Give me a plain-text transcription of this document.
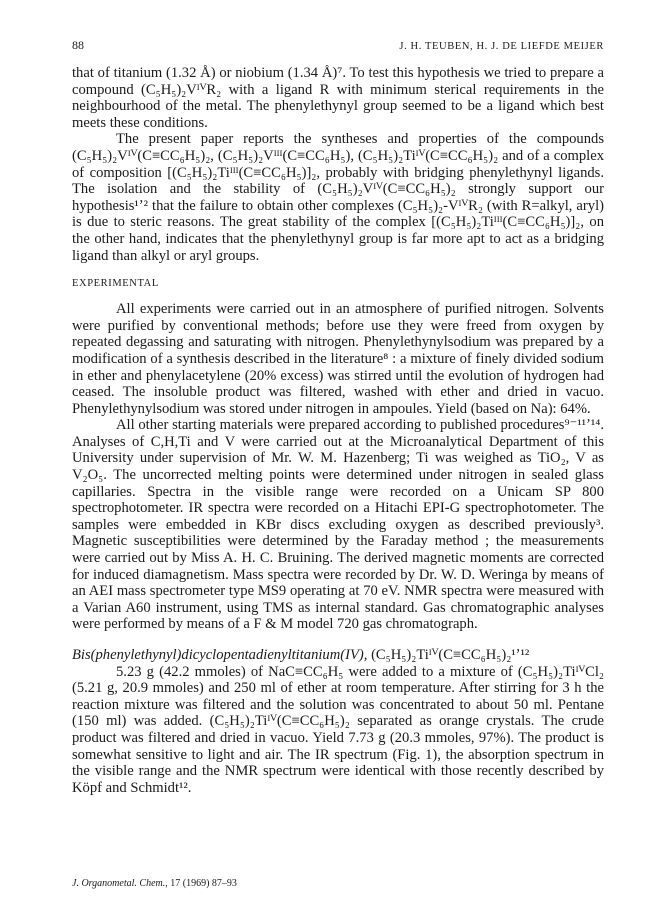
88	J. H. TEUBEN, H. J. DE LIEFDE MEIJER

that of titanium (1.32 Å) or niobium (1.34 Å)⁷. To test this hypothesis we tried to prepare a compound (C₅H₅)₂VᴵⱽR₂ with a ligand R with minimum sterical requirements in the neighbourhood of the metal. The phenylethynyl group seemed to be a ligand which best meets these conditions.

The present paper reports the syntheses and properties of the compounds (C₅H₅)₂Vᴵⱽ(C≡CC₆H₅)₂, (C₅H₅)₂Vᴵᴵᴵ(C≡CC₆H₅), (C₅H₅)₂Tiᴵⱽ(C≡CC₆H₅)₂ and of a complex of composition [(C₅H₅)₂Tiᴵᴵᴵ(C≡CC₆H₅)]₂, probably with bridging phenylethynyl ligands. The isolation and the stability of (C₅H₅)₂Vᴵⱽ(C≡CC₆H₅)₂ strongly support our hypothesis¹ʼ² that the failure to obtain other complexes (C₅H₅)₂-VᴵⱽR₂ (with R=alkyl, aryl) is due to steric reasons. The great stability of the complex [(C₅H₅)₂Tiᴵᴵᴵ(C≡CC₆H₅)]₂, on the other hand, indicates that the phenylethynyl group is far more apt to act as a bridging ligand than alkyl or aryl groups.

EXPERIMENTAL

All experiments were carried out in an atmosphere of purified nitrogen. Solvents were purified by conventional methods; before use they were freed from oxygen by repeated degassing and saturating with nitrogen. Phenylethynylsodium was prepared by a modification of a synthesis described in the literature⁸ : a mixture of finely divided sodium in ether and phenylacetylene (20% excess) was stirred until the evolution of hydrogen had ceased. The insoluble product was filtered, washed with ether and dried in vacuo. Phenylethynylsodium was stored under nitrogen in ampoules. Yield (based on Na): 64%.

All other starting materials were prepared according to published procedures⁹⁻¹¹ʼ¹⁴. Analyses of C,H,Ti and V were carried out at the Microanalytical Department of this University under supervision of Mr. W. M. Hazenberg; Ti was weighed as TiO₂, V as V₂O₅. The uncorrected melting points were determined under nitrogen in sealed glass capillaries. Spectra in the visible range were recorded on a Unicam SP 800 spectrophotometer. IR spectra were recorded on a Hitachi EPI-G spectrophotometer. The samples were embedded in KBr discs excluding oxygen as described previously³. Magnetic susceptibilities were determined by the Faraday method ; the measurements were carried out by Miss A. H. C. Bruining. The derived magnetic moments are corrected for induced diamagnetism. Mass spectra were recorded by Dr. W. D. Weringa by means of an AEI mass spectrometer type MS9 operating at 70 eV. NMR spectra were measured with a Varian A60 instrument, using TMS as internal standard. Gas chromatographic analyses were performed by means of a F & M model 720 gas chromatograph.

Bis(phenylethynyl)dicyclopentadienyltitanium(IV), (C₅H₅)₂Tiᴵⱽ(C≡CC₆H₅)₂¹ʼ¹²

5.23 g (42.2 mmoles) of NaC≡CC₆H₅ were added to a mixture of (C₅H₅)₂TiᴵⱽCl₂ (5.21 g, 20.9 mmoles) and 250 ml of ether at room temperature. After stirring for 3 h the reaction mixture was filtered and the solution was concentrated to about 50 ml. Pentane (150 ml) was added. (C₅H₅)₂Tiᴵⱽ(C≡CC₆H₅)₂ separated as orange crystals. The crude product was filtered and dried in vacuo. Yield 7.73 g (20.3 mmoles, 97%). The product is somewhat sensitive to light and air. The IR spectrum (Fig. 1), the absorption spectrum in the visible range and the NMR spectrum were identical with those recently described by Köpf and Schmidt¹².

J. Organometal. Chem., 17 (1969) 87–93
